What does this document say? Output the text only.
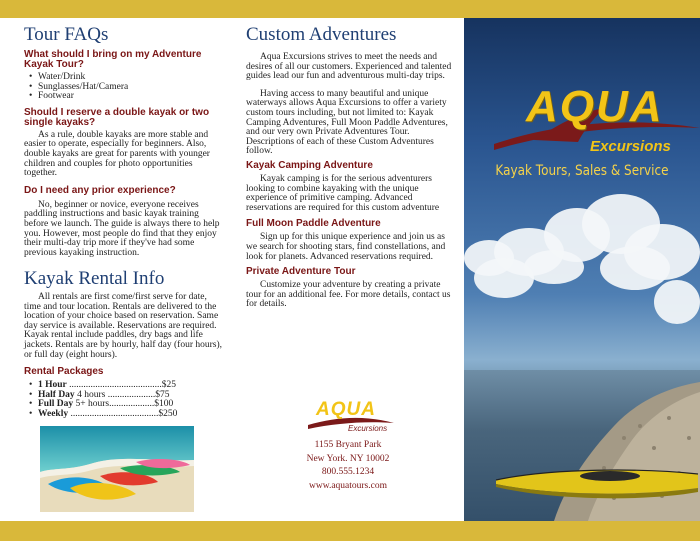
Tour FAQs
What should I bring on my Adventure Kayak Tour?
• Water/Drink
• Sunglasses/Hat/Camera
• Footwear
Should I reserve a double kayak or two single kayaks?

As a rule, double kayaks are more stable and easier to operate, especially for beginners. Also, double kayaks are great for parents with younger children and couples for photo opportunities together.

Do I need any prior experience?

No, beginner or novice, everyone receives paddling instructions and basic kayak training before we launch. The guide is always there to help you. However, most people do find that they enjoy their multi-day trip more if they've had some previous kayaking instruction.

Kayak Rental Info

All rentals are first come/first serve for date, time and tour location. Rentals are delivered to the location of your choice based on reservation. Same day service is available. Reservations are required. Kayak rental include paddles, dry bags and life jackets. Rentals are by hourly, half day (four hours), or full day (eight hours).

Rental Packages
• 1 Hour .......................................$25
• Half Day 4 hours ....................$75
• Full Day 5+ hours...................$100
• Weekly .....................................$250
Custom Adventures

Aqua Excursions strives to meet the needs and desires of all our customers. Experienced and talented guides lead our fun and adventurous multi-day trips.

Having access to many beautiful and unique waterways allows Aqua Excursions to offer a variety custom tours including, but not limited to: Kayak Camping Adventures, Full Moon Paddle Adventures, and our very own Private Adventures Tour. Descriptions of each of these Custom Adventures follow.

Kayak Camping Adventure

Kayak camping is for the serious adventurers looking to combine kayaking with the unique experience of primitive camping. Advanced reservations are required for this custom adventure

Full Moon Paddle Adventure

Sign up for this unique experience and join us as we search for shooting stars, find constellations, and look for planets. Advanced reservations required.

Private Adventure Tour

Customize your adventure by creating a private tour for an additional fee. For more details, contact us for details.

AQUA
Excursions
1155 Bryant Park
New York. NY 10002
800.555.1234
www.aquatours.com
AQUA
Excursions
Kayak Tours, Sales & Service
